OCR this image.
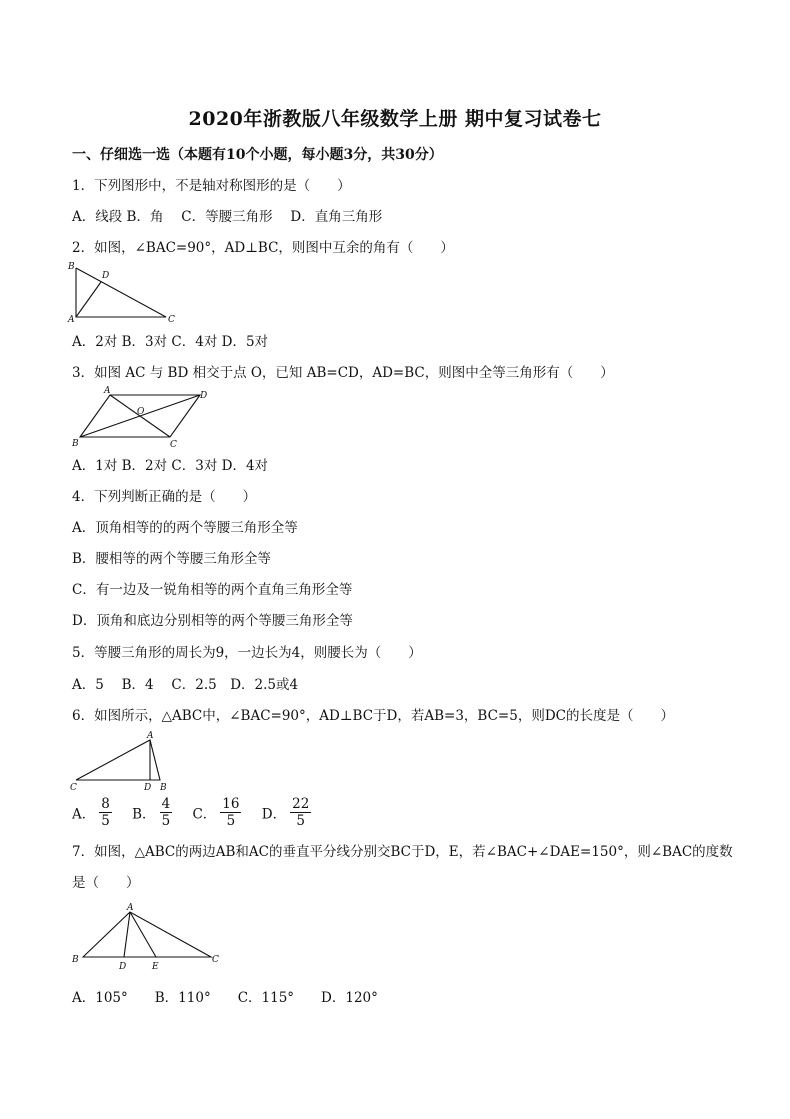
2020年浙教版八年级数学上册 期中复习试卷七
一、仔细选一选（本题有10个小题，每小题3分，共30分）
1．下列图形中，不是轴对称图形的是（　　）
A．线段 B．角　 C．等腰三角形　 D．直角三角形
2．如图，∠BAC=90°，AD⊥BC，则图中互余的角有（　　）
B
D
A	C
A．2对 B．3对 C．4对 D．5对
3．如图 AC 与 BD 相交于点 O，已知 AB=CD，AD=BC，则图中全等三角形有（　　）
A	D
O
B	C
A．1对 B．2对 C．3对 D．4对
4．下列判断正确的是（　　）
A．顶角相等的的两个等腰三角形全等
B．腰相等的两个等腰三角形全等
C．有一边及一锐角相等的两个直角三角形全等
D．顶角和底边分别相等的两个等腰三角形全等
5．等腰三角形的周长为9，一边长为4，则腰长为（　　）
A．5　 B．4　 C．2.5　D．2.5或4
6．如图所示，△ABC中，∠BAC=90°，AD⊥BC于D，若AB=3，BC=5，则DC的长度是（　　）
A
C	D B
A． $\frac{8}{5}$ B． $\frac{4}{5}$ C． $\frac{16}{5}$ D． $\frac{22}{5}$
7．如图，△ABC的两边AB和AC的垂直平分线分别交BC于D，E，若∠BAC+∠DAE=150°，则∠BAC的度数
是（　　）
A
B
D	E
C
A．105°　　B．110°　　C．115°　　D．120°
